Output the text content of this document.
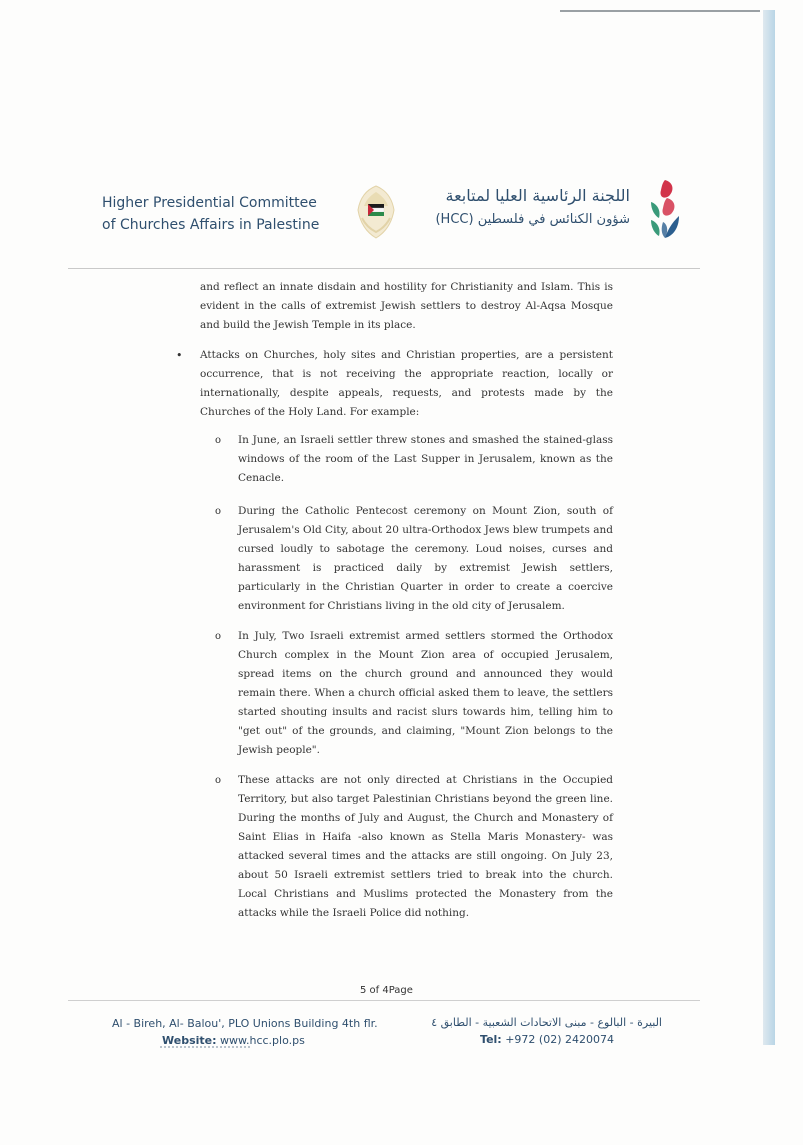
Higher Presidential Committee
of Churches Affairs in Palestine
اللجنة الرئاسية العليا لمتابعة
شؤون الكنائس في فلسطين (HCC)

and reflect an innate disdain and hostility for Christianity and Islam. This is evident in the calls of extremist Jewish settlers to destroy Al-Aqsa Mosque and build the Jewish Temple in its place.

• Attacks on Churches, holy sites and Christian properties, are a persistent occurrence, that is not receiving the appropriate reaction, locally or internationally, despite appeals, requests, and protests made by the Churches of the Holy Land. For example:

o In June, an Israeli settler threw stones and smashed the stained-glass windows of the room of the Last Supper in Jerusalem, known as the Cenacle.

o During the Catholic Pentecost ceremony on Mount Zion, south of Jerusalem's Old City, about 20 ultra-Orthodox Jews blew trumpets and cursed loudly to sabotage the ceremony. Loud noises, curses and harassment is practiced daily by extremist Jewish settlers, particularly in the Christian Quarter in order to create a coercive environment for Christians living in the old city of Jerusalem.

o In July, Two Israeli extremist armed settlers stormed the Orthodox Church complex in the Mount Zion area of occupied Jerusalem, spread items on the church ground and announced they would remain there. When a church official asked them to leave, the settlers started shouting insults and racist slurs towards him, telling him to "get out" of the grounds, and claiming, "Mount Zion belongs to the Jewish people".

o These attacks are not only directed at Christians in the Occupied Territory, but also target Palestinian Christians beyond the green line. During the months of July and August, the Church and Monastery of Saint Elias in Haifa -also known as Stella Maris Monastery- was attacked several times and the attacks are still ongoing. On July 23, about 50 Israeli extremist settlers tried to break into the church. Local Christians and Muslims protected the Monastery from the attacks while the Israeli Police did nothing.

5 of 4Page
Al - Bireh, Al- Balou', PLO Unions Building 4th flr.
Website: www.hcc.plo.ps
البيرة - البالوع - مبنى الاتحادات الشعبية - الطابق ٤
Tel: +972 (02) 2420074
